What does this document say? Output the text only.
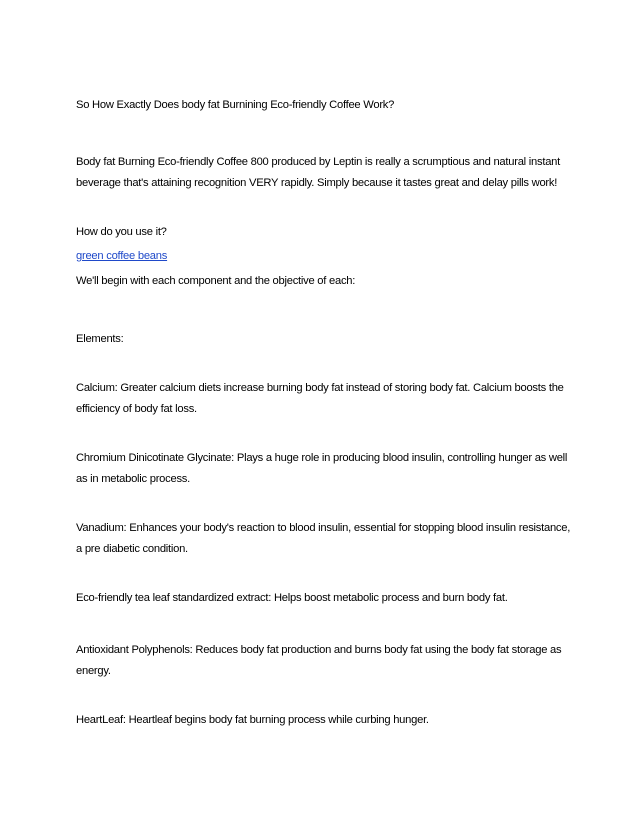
So How Exactly Does body fat Burnining Eco-friendly Coffee Work?

Body fat Burning Eco-friendly Coffee 800 produced by Leptin is really a scrumptious and natural instant beverage that's attaining recognition VERY rapidly. Simply because it tastes great and delay pills work!

How do you use it?

green coffee beans

We'll begin with each component and the objective of each:

Elements:

Calcium: Greater calcium diets increase burning body fat instead of storing body fat. Calcium boosts the efficiency of body fat loss.

Chromium Dinicotinate Glycinate: Plays a huge role in producing blood insulin, controlling hunger as well as in metabolic process.

Vanadium: Enhances your body's reaction to blood insulin, essential for stopping blood insulin resistance, a pre diabetic condition.

Eco-friendly tea leaf standardized extract: Helps boost metabolic process and burn body fat.

Antioxidant Polyphenols: Reduces body fat production and burns body fat using the body fat storage as energy.

HeartLeaf: Heartleaf begins body fat burning process while curbing hunger.
